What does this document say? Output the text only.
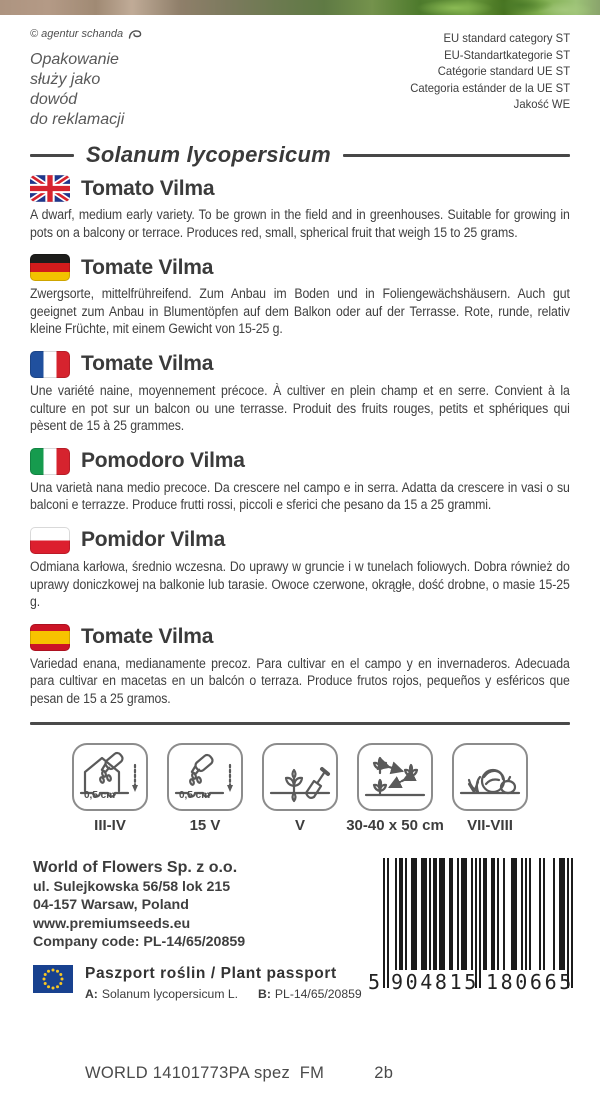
© agentur schanda
Opakowanie
służy jako
dowód
do reklamacji
EU standard category ST
EU-Standartkategorie ST
Catégorie standard UE ST
Categoria estánder de la UE ST
Jakość WE
Solanum lycopersicum
Tomato Vilma

A dwarf, medium early variety. To be grown in the field and in greenhouses. Suitable for growing in pots on a balcony or terrace. Produces red, small, spherical fruit that weigh 15 to 25 grams.

Tomate Vilma

Zwergsorte, mittelfrühreifend. Zum Anbau im Boden und in Foliengewächshäusern. Auch gut geeignet zum Anbau in Blumentöpfen auf dem Balkon oder auf der Terrasse. Rote, runde, relativ kleine Früchte, mit einem Gewicht von 15-25 g.

Tomate Vilma

Une variété naine, moyennement précoce. À cultiver en plein champ et en serre. Convient à la culture en pot sur un balcon ou une terrasse. Produit des fruits rouges, petits et sphériques qui pèsent de 15 à 25 grammes.

Pomodoro Vilma

Una varietà nana medio precoce. Da crescere nel campo e in serra. Adatta da crescere in vasi o su balconi e terrazze. Produce frutti rossi, piccoli e sferici che pesano da 15 a 25 grammi.

Pomidor Vilma

Odmiana karłowa, średnio wczesna. Do uprawy w gruncie i w tunelach foliowych. Dobra również do uprawy doniczkowej na balkonie lub tarasie. Owoce czerwone, okrągłe, dość drobne, o masie 15-25 g.

Tomate Vilma

Variedad enana, medianamente precoz. Para cultivar en el campo y en invernaderos. Adecuada para cultivar en macetas en un balcón o terraza. Produce frutos rojos, pequeños y esféricos que pesan de 15 a 25 gramos.

0,5 cm
III-IV
0,5 cm
15 V	V	30-40 x 50 cm VII-VIII
World of Flowers Sp. z o.o.
ul. Sulejkowska 56/58 lok 215
04-157 Warsaw, Poland
www.premiumseeds.eu
Company code: PL-14/65/20859
Paszport roślin / Plant passport
A: Solanum lycopersicum L. B: PL-14/65/20859
5 904815 180665
WORLD 14101773PA spez  FM	2b
